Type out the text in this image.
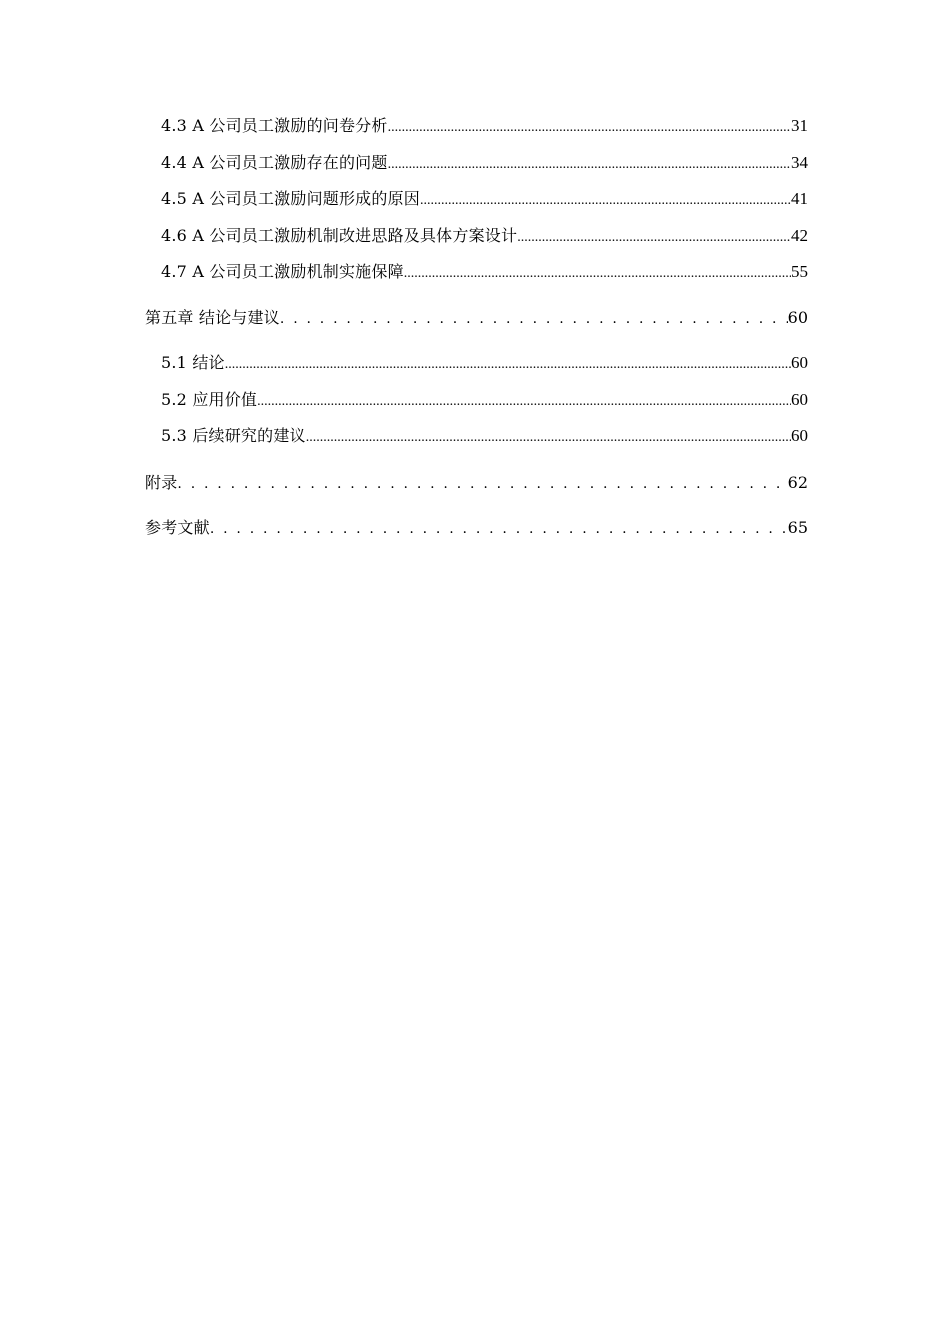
4.3 A 公司员工激励的问卷分析 .....	31
4.4 A 公司员工激励存在的问题 .....	34
4.5 A 公司员工激励问题形成的原因 .....	41
4.6 A 公司员工激励机制改进思路及具体方案设计 .....	42
4.7 A 公司员工激励机制实施保障 .....	55
第五章 结论与建议 . . .	60
5.1 结论 .....	60
5.2 应用价值 .....	60
5.3 后续研究的建议 .....	60
附录 . . .	62
参考文献 . . .	65
